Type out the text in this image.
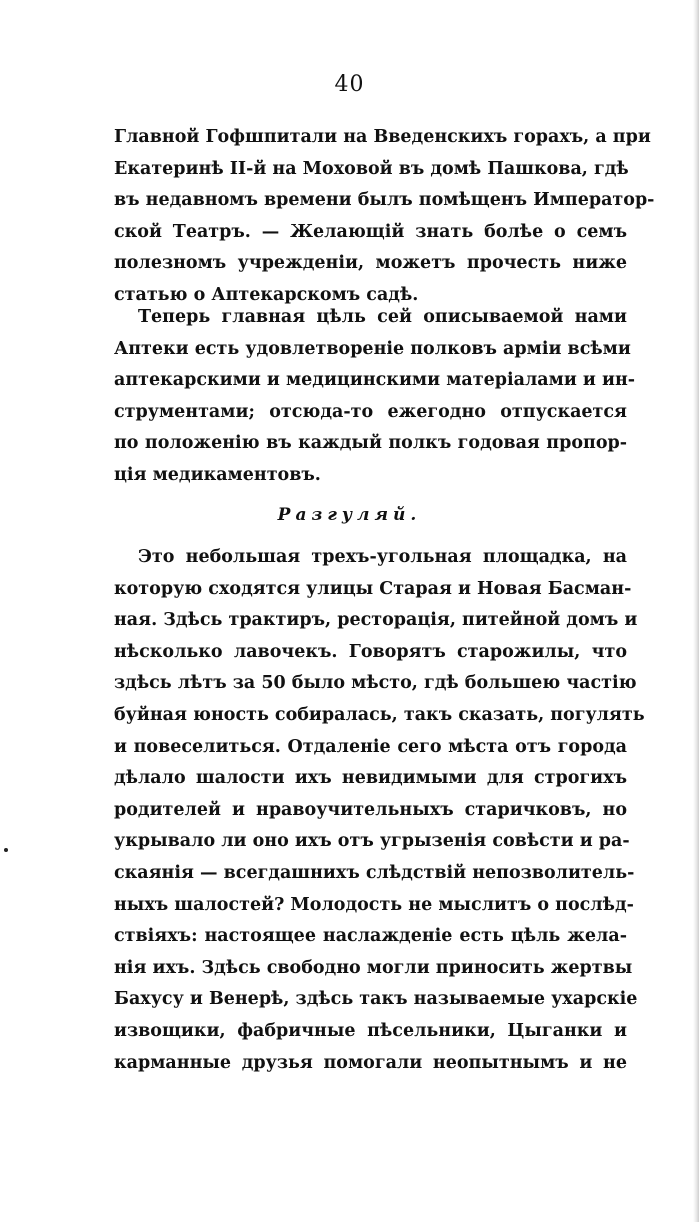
40
Главной Гофшпитали на Введенскихъ горахъ, а при
Екатеринѣ II-й на Моховой въ домѣ Пашкова, гдѣ
въ недавномъ времени былъ помѣщенъ Император-
ской Театръ. — Желающій знать болѣе о семъ
полезномъ учрежденіи, можетъ прочесть ниже
статью о Аптекарскомъ садѣ.
Теперь главная цѣль сей описываемой нами
Аптеки есть удовлетвореніе полковъ арміи всѣми
аптекарскими и медицинскими матеріалами и ин-
струментами; отсюда-то ежегодно отпускается
по положенію въ каждый полкъ годовая пропор-
ція медикаментовъ.
Разгуляй.
Это небольшая трехъ-угольная площадка, на
которую сходятся улицы Старая и Новая Басман-
ная. Здѣсь трактиръ, ресторація, питейной домъ и
нѣсколько лавочекъ. Говорятъ старожилы, что
здѣсь лѣтъ за 50 было мѣсто, гдѣ большею частію
буйная юность собиралась, такъ сказать, погулять
и повеселиться. Отдаленіе сего мѣста отъ города
дѣлало шалости ихъ невидимыми для строгихъ
родителей и нравоучительныхъ старичковъ, но
укрывало ли оно ихъ отъ угрызенія совѣсти и ра-
скаянія — всегдашнихъ слѣдствій непозволитель-
ныхъ шалостей? Молодость не мыслитъ о послѣд-
ствіяхъ: настоящее наслажденіе есть цѣль жела-
нія ихъ. Здѣсь свободно могли приносить жертвы
Бахусу и Венерѣ, здѣсь такъ называемые ухарскіе
извощики, фабричные пѣсельники, Цыганки и
карманные друзья помогали неопытнымъ и не
